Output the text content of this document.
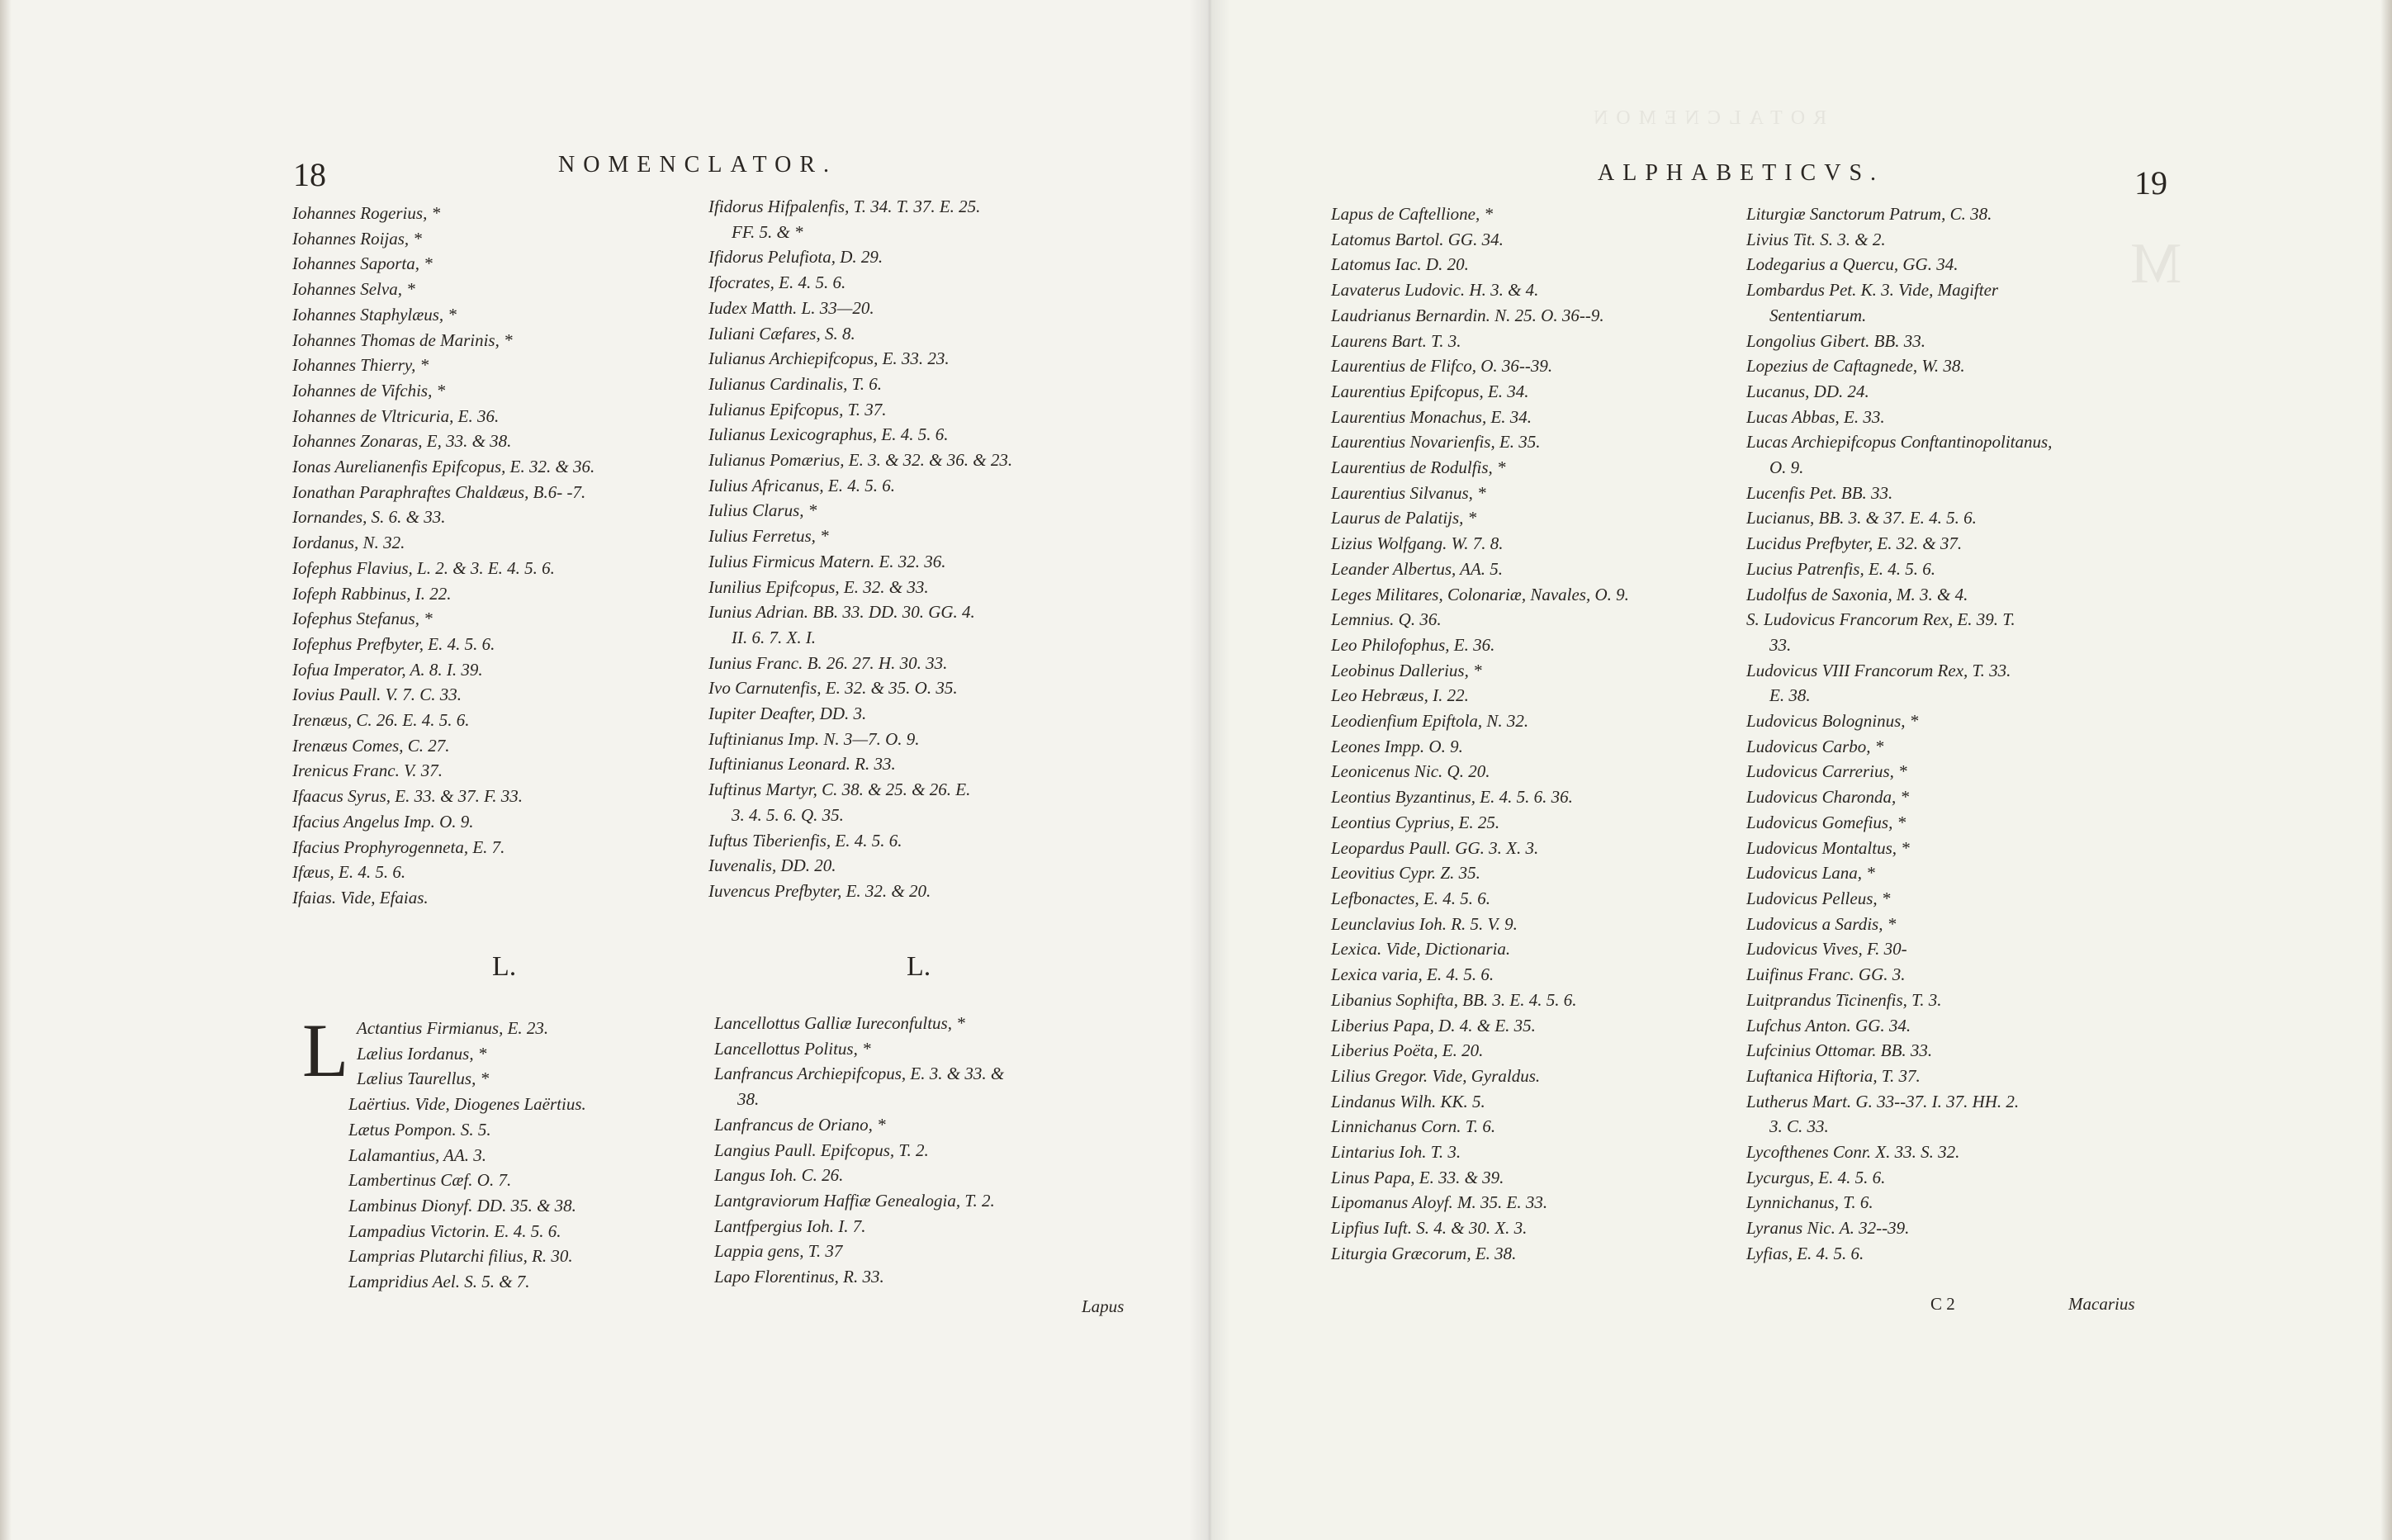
18	NOMENCLATOR.
Iohannes Rogerius, *
Iohannes Roijas, *
Iohannes Saporta, *
Iohannes Selva, *
Iohannes Staphylæus, *
Iohannes Thomas de Marinis, *
Iohannes Thierry, *
Iohannes de Vifchis, *
Iohannes de Vltricuria, E. 36.
Iohannes Zonaras, E, 33. & 38.
Ionas Aurelianenfis Epifcopus, E. 32. & 36.
Ionathan Paraphraftes Chaldæus, B.6- -7.
Iornandes, S. 6. & 33.
Iordanus, N. 32.
Iofephus Flavius, L. 2. & 3. E. 4. 5. 6.
Iofeph Rabbinus, I. 22.
Iofephus Stefanus, *
Iofephus Prefbyter, E. 4. 5. 6.
Iofua Imperator, A. 8. I. 39.
Iovius Paull. V. 7. C. 33.
Irenæus, C. 26. E. 4. 5. 6.
Irenæus Comes, C. 27.
Irenicus Franc. V. 37.
Ifaacus Syrus, E. 33. & 37. F. 33.
Ifacius Angelus Imp. O. 9.
Ifacius Prophyrogenneta, E. 7.
Ifæus, E. 4. 5. 6.
Ifaias. Vide, Efaias.
Ifidorus Hifpalenfis, T. 34. T. 37. E. 25.
FF. 5. & *
Ifidorus Pelufiota, D. 29.
Ifocrates, E. 4. 5. 6.
Iudex Matth. L. 33—20.
Iuliani Cæfares, S. 8.
Iulianus Archiepifcopus, E. 33. 23.
Iulianus Cardinalis, T. 6.
Iulianus Epifcopus, T. 37.
Iulianus Lexicographus, E. 4. 5. 6.
Iulianus Pomærius, E. 3. & 32. & 36. & 23.
Iulius Africanus, E. 4. 5. 6.
Iulius Clarus, *
Iulius Ferretus, *
Iulius Firmicus Matern. E. 32. 36.
Iunilius Epifcopus, E. 32. & 33.
Iunius Adrian. BB. 33. DD. 30. GG. 4.
II. 6. 7. X. I.
Iunius Franc. B. 26. 27. H. 30. 33.
Ivo Carnutenfis, E. 32. & 35. O. 35.
Iupiter Deafter, DD. 3.
Iuftinianus Imp. N. 3—7. O. 9.
Iuftinianus Leonard. R. 33.
Iuftinus Martyr, C. 38. & 25. & 26. E.
3. 4. 5. 6. Q. 35.
Iuftus Tiberienfis, E. 4. 5. 6.
Iuvenalis, DD. 20.
Iuvencus Prefbyter, E. 32. & 20.
L.	L.
L Actantius Firmianus, E. 23.
Lælius Iordanus, *
Lælius Taurellus, *
Laërtius. Vide, Diogenes Laërtius.
Lætus Pompon. S. 5.
Lalamantius, AA. 3.
Lambertinus Cæf. O. 7.
Lambinus Dionyf. DD. 35. & 38.
Lampadius Victorin. E. 4. 5. 6.
Lamprias Plutarchi filius, R. 30.
Lampridius Ael. S. 5. & 7.
Lancellottus Galliæ Iureconfultus, *
Lancellottus Politus, *
Lanfrancus Archiepifcopus, E. 3. & 33. &
38.
Lanfrancus de Oriano, *
Langius Paull. Epifcopus, T. 2.
Langus Ioh. C. 26.
Lantgraviorum Haffiæ Genealogia, T. 2.
Lantfpergius Ioh. I. 7.
Lappia gens, T. 37
Lapo Florentinus, R. 33.
Lapus
ROTALCNEMON
M
ALPHABETICVS.	19
Lapus de Caftellione, *
Latomus Bartol. GG. 34.
Latomus Iac. D. 20.
Lavaterus Ludovic. H. 3. & 4.
Laudrianus Bernardin. N. 25. O. 36--9.
Laurens Bart. T. 3.
Laurentius de Flifco, O. 36--39.
Laurentius Epifcopus, E. 34.
Laurentius Monachus, E. 34.
Laurentius Novarienfis, E. 35.
Laurentius de Rodulfis, *
Laurentius Silvanus, *
Laurus de Palatijs, *
Lizius Wolfgang. W. 7. 8.
Leander Albertus, AA. 5.
Leges Militares, Colonariæ, Navales, O. 9.
Lemnius. Q. 36.
Leo Philofophus, E. 36.
Leobinus Dallerius, *
Leo Hebræus, I. 22.
Leodienfium Epiftola, N. 32.
Leones Impp. O. 9.
Leonicenus Nic. Q. 20.
Leontius Byzantinus, E. 4. 5. 6. 36.
Leontius Cyprius, E. 25.
Leopardus Paull. GG. 3. X. 3.
Leovitius Cypr. Z. 35.
Lefbonactes, E. 4. 5. 6.
Leunclavius Ioh. R. 5. V. 9.
Lexica. Vide, Dictionaria.
Lexica varia, E. 4. 5. 6.
Libanius Sophifta, BB. 3. E. 4. 5. 6.
Liberius Papa, D. 4. & E. 35.
Liberius Poëta, E. 20.
Lilius Gregor. Vide, Gyraldus.
Lindanus Wilh. KK. 5.
Linnichanus Corn. T. 6.
Lintarius Ioh. T. 3.
Linus Papa, E. 33. & 39.
Lipomanus Aloyf. M. 35. E. 33.
Lipfius Iuft. S. 4. & 30. X. 3.
Liturgia Græcorum, E. 38.
Liturgiæ Sanctorum Patrum, C. 38.
Livius Tit. S. 3. & 2.
Lodegarius a Quercu, GG. 34.
Lombardus Pet. K. 3. Vide, Magifter
Sententiarum.
Longolius Gibert. BB. 33.
Lopezius de Caftagnede, W. 38.
Lucanus, DD. 24.
Lucas Abbas, E. 33.
Lucas Archiepifcopus Conftantinopolitanus,
O. 9.
Lucenfis Pet. BB. 33.
Lucianus, BB. 3. & 37. E. 4. 5. 6.
Lucidus Prefbyter, E. 32. & 37.
Lucius Patrenfis, E. 4. 5. 6.
Ludolfus de Saxonia, M. 3. & 4.
S. Ludovicus Francorum Rex, E. 39. T.
33.
Ludovicus VIII Francorum Rex, T. 33.
E. 38.
Ludovicus Bologninus, *
Ludovicus Carbo, *
Ludovicus Carrerius, *
Ludovicus Charonda, *
Ludovicus Gomefius, *
Ludovicus Montaltus, *
Ludovicus Lana, *
Ludovicus Pelleus, *
Ludovicus a Sardis, *
Ludovicus Vives, F. 30-
Luifinus Franc. GG. 3.
Luitprandus Ticinenfis, T. 3.
Lufchus Anton. GG. 34.
Lufcinius Ottomar. BB. 33.
Luftanica Hiftoria, T. 37.
Lutherus Mart. G. 33--37. I. 37. HH. 2.
3. C. 33.
Lycofthenes Conr. X. 33. S. 32.
Lycurgus, E. 4. 5. 6.
Lynnichanus, T. 6.
Lyranus Nic. A. 32--39.
Lyfias, E. 4. 5. 6.
C 2	Macarius
